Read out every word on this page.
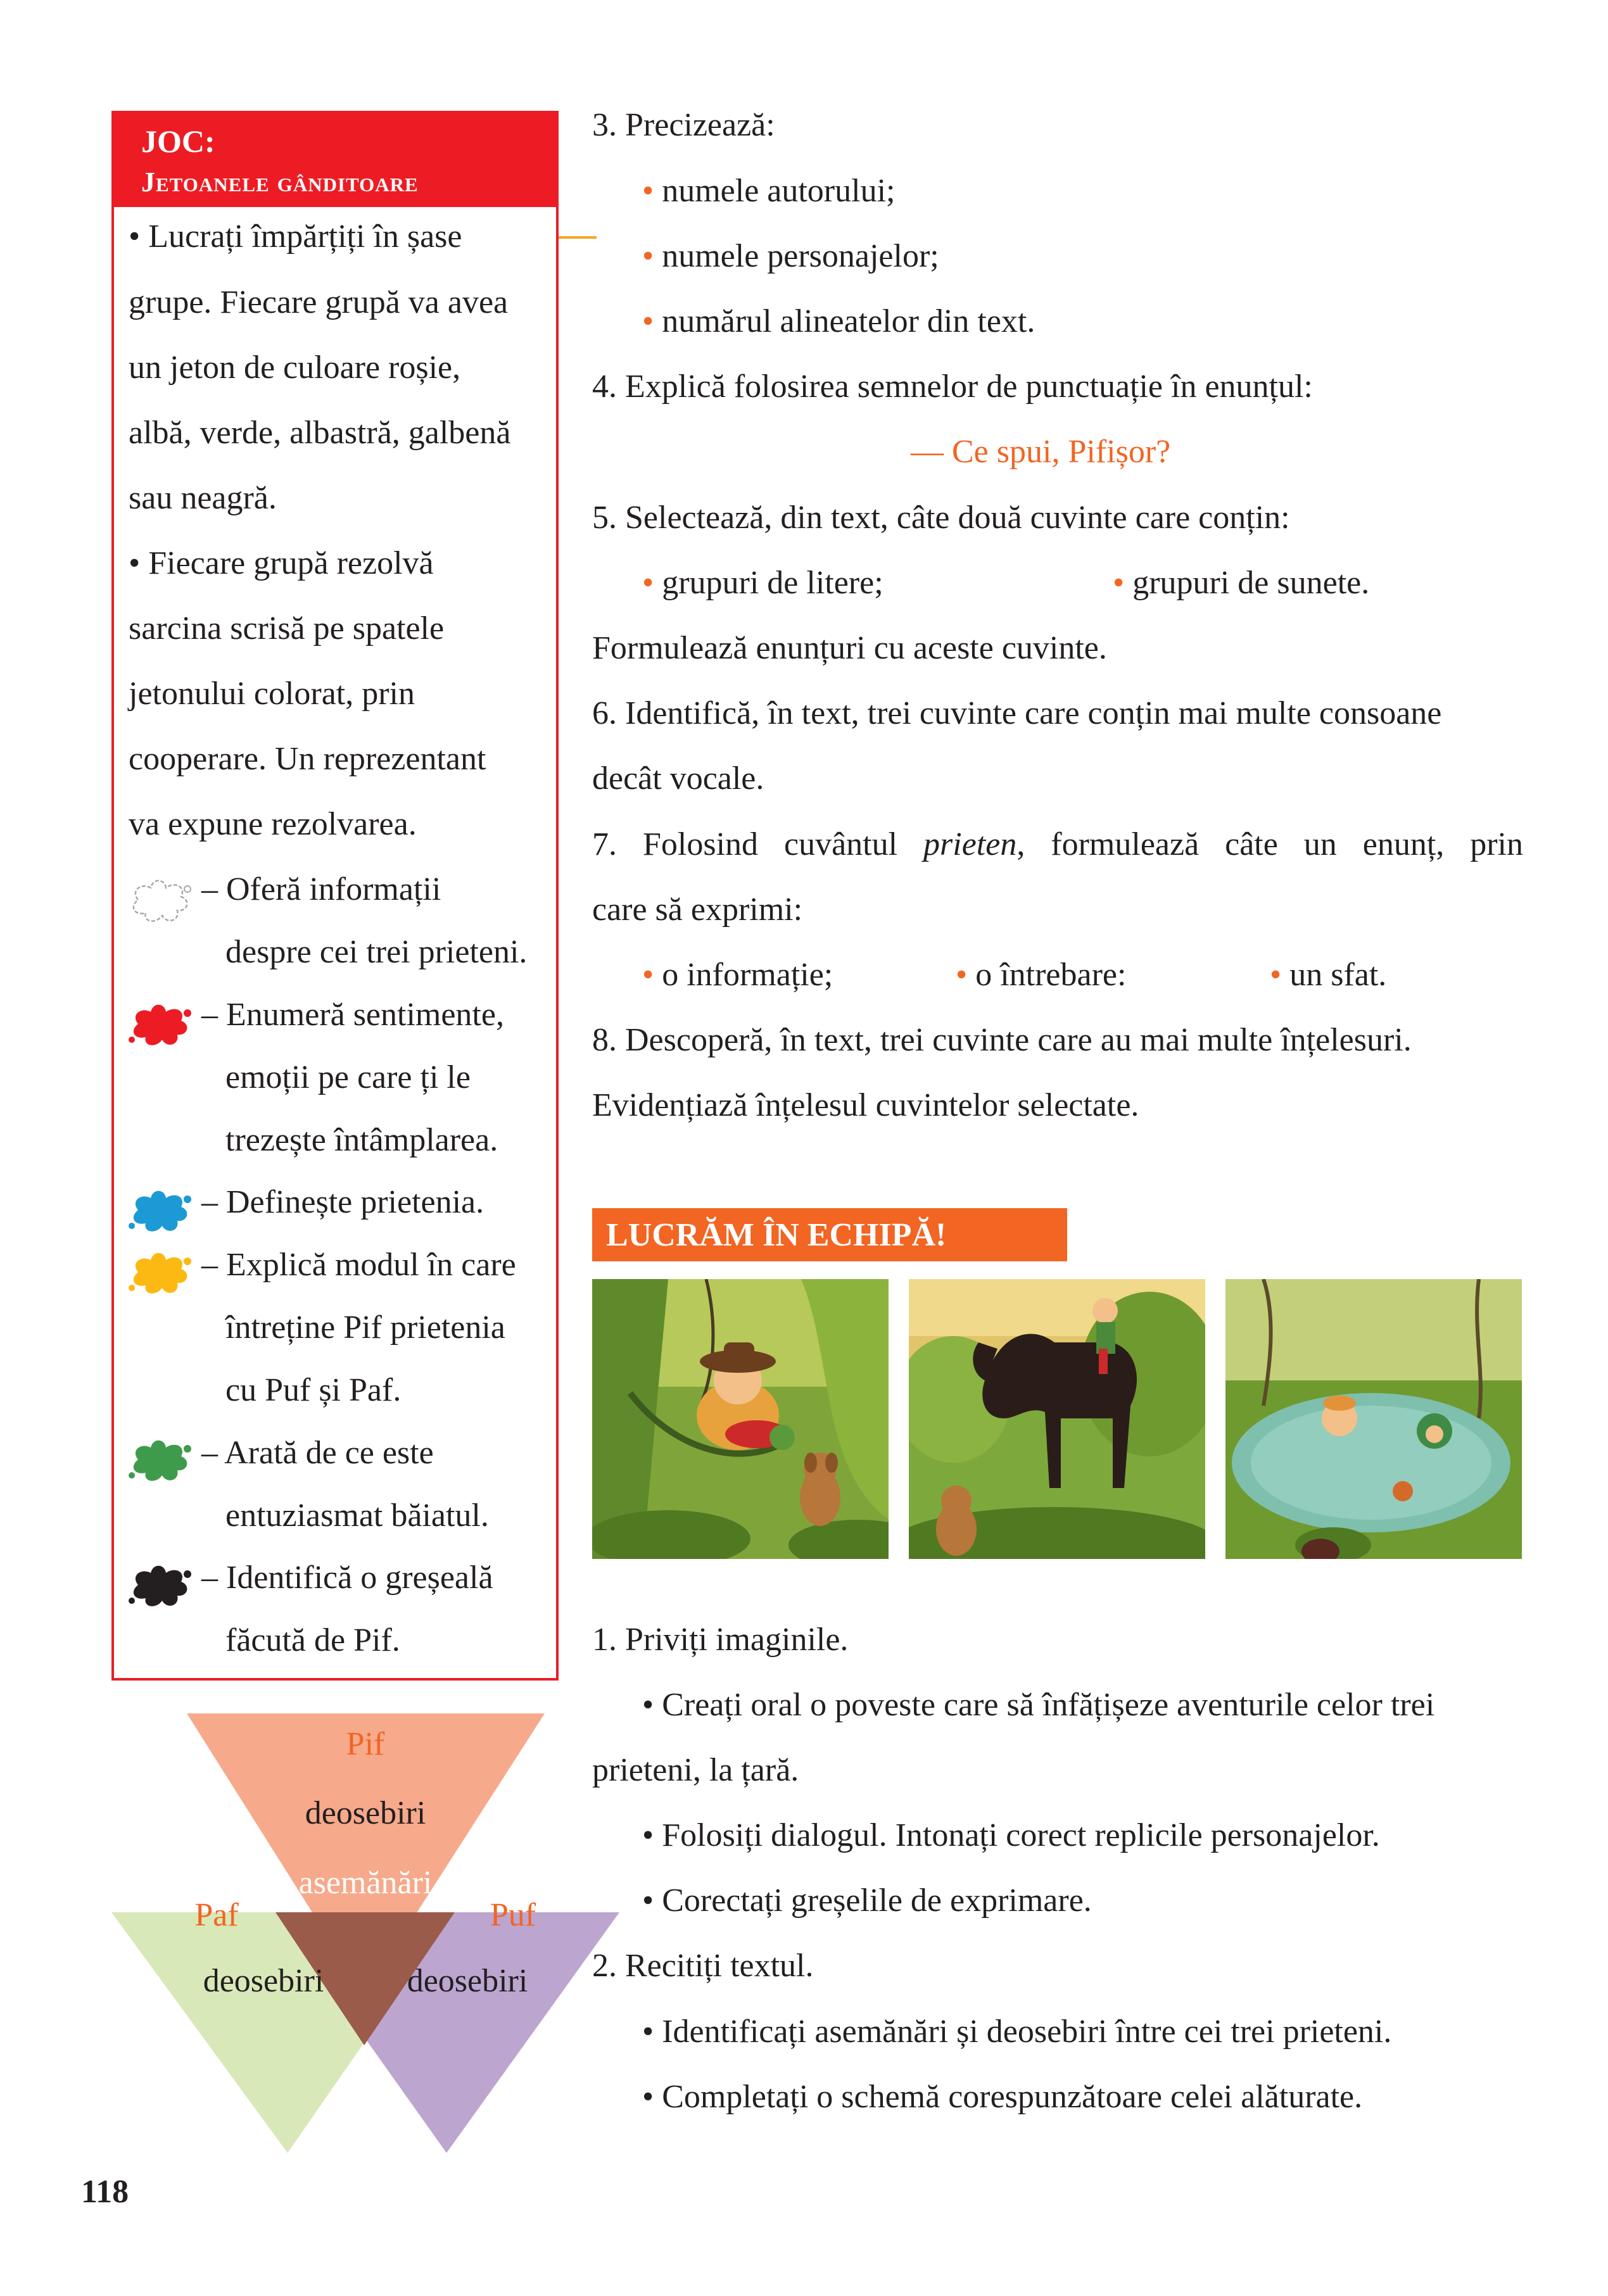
JOC:
Jetoanele gânditoare
• Lucrați împărțiți în șase
grupe. Fiecare grupă va avea
un jeton de culoare roșie,
albă, verde, albastră, galbenă
sau neagră.
• Fiecare grupă rezolvă
sarcina scrisă pe spatele
jetonului colorat, prin
cooperare. Un reprezentant
va expune rezolvarea.
– Oferă informații
despre cei trei prieteni.
– Enumeră sentimente,
emoții pe care ți le
trezește întâmplarea.
– Definește prietenia.
– Explică modul în care
întreține Pif prietenia
cu Puf și Paf.
– Arată de ce este
entuziasmat băiatul.
– Identifică o greșeală
făcută de Pif.
3. Precizează:
• numele autorului;
• numele personajelor;
• numărul alineatelor din text.
4. Explică folosirea semnelor de punctuație în enunțul:
— Ce spui, Pifișor?
5. Selectează, din text, câte două cuvinte care conțin:
• grupuri de litere;	• grupuri de sunete.
Formulează enunțuri cu aceste cuvinte.
6. Identifică, în text, trei cuvinte care conțin mai multe consoane
decât vocale.
7. Folosind cuvântul prieten, formulează câte un enunț, prin
care să exprimi:
• o informație;	• o întrebare:	• un sfat.
8. Descoperă, în text, trei cuvinte care au mai multe înțelesuri.
Evidențiază înțelesul cuvintelor selectate.
LUCRĂM ÎN ECHIPĂ!
1. Priviți imaginile.
• Creați oral o poveste care să înfățișeze aventurile celor trei
prieteni, la țară.
• Folosiți dialogul. Intonați corect replicile personajelor.
• Corectați greșelile de exprimare.
2. Recitiți textul.
• Identificați asemănări și deosebiri între cei trei prieteni.
• Completați o schemă corespunzătoare celei alăturate.
Pif
deosebiri
asemănări
Paf	Puf
deosebiri	deosebiri
118
